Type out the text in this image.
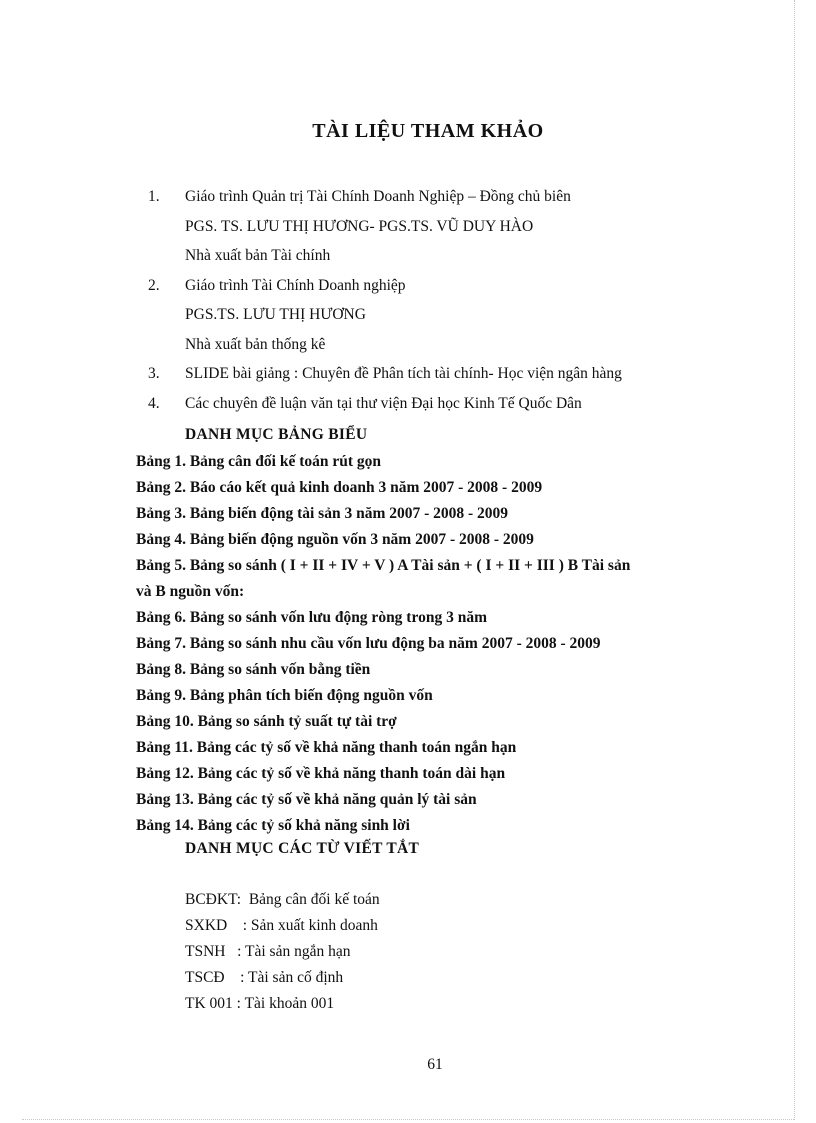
TÀI LIỆU THAM KHẢO
1.	Giáo trình Quản trị Tài Chính Doanh Nghiệp – Đồng chủ biên
PGS. TS. LƯU THỊ HƯƠNG- PGS.TS. VŨ DUY HÀO
Nhà xuất bản Tài chính
2.	Giáo trình Tài Chính Doanh nghiệp
PGS.TS. LƯU THỊ HƯƠNG
Nhà xuất bản thống kê
3.	SLIDE bài giảng : Chuyên đề Phân tích tài chính- Học viện ngân hàng
4.	Các chuyên đề luận văn tại thư viện Đại học Kinh Tế Quốc Dân
DANH MỤC BẢNG BIỂU
Bảng 1. Bảng cân đối kế toán rút gọn
Bảng 2. Báo cáo kết quả kinh doanh 3 năm 2007 - 2008 - 2009
Bảng 3. Bảng biến động tài sản 3 năm 2007 - 2008 - 2009
Bảng 4. Bảng biến động nguồn vốn 3 năm 2007 - 2008 - 2009
Bảng 5. Bảng so sánh ( I + II + IV + V ) A Tài sản + ( I + II + III ) B Tài sản
và B nguồn vốn:
Bảng 6. Bảng so sánh vốn lưu động ròng trong 3 năm
Bảng 7. Bảng so sánh nhu cầu vốn lưu động ba năm 2007 - 2008 - 2009
Bảng 8. Bảng so sánh vốn bằng tiền
Bảng 9. Bảng phân tích biến động nguồn vốn
Bảng 10. Bảng so sánh tỷ suất tự tài trợ
Bảng 11. Bảng các tỷ số về khả năng thanh toán ngắn hạn
Bảng 12. Bảng các tỷ số về khả năng thanh toán dài hạn
Bảng 13. Bảng các tỷ số về khả năng quản lý tài sản
Bảng 14. Bảng các tỷ số khả năng sinh lời
DANH MỤC CÁC TỪ VIẾT TẮT
BCĐKT:  Bảng cân đối kế toán
SXKD    : Sản xuất kinh doanh
TSNH   : Tài sản ngắn hạn
TSCĐ    : Tài sản cố định
TK 001 : Tài khoản 001
61
